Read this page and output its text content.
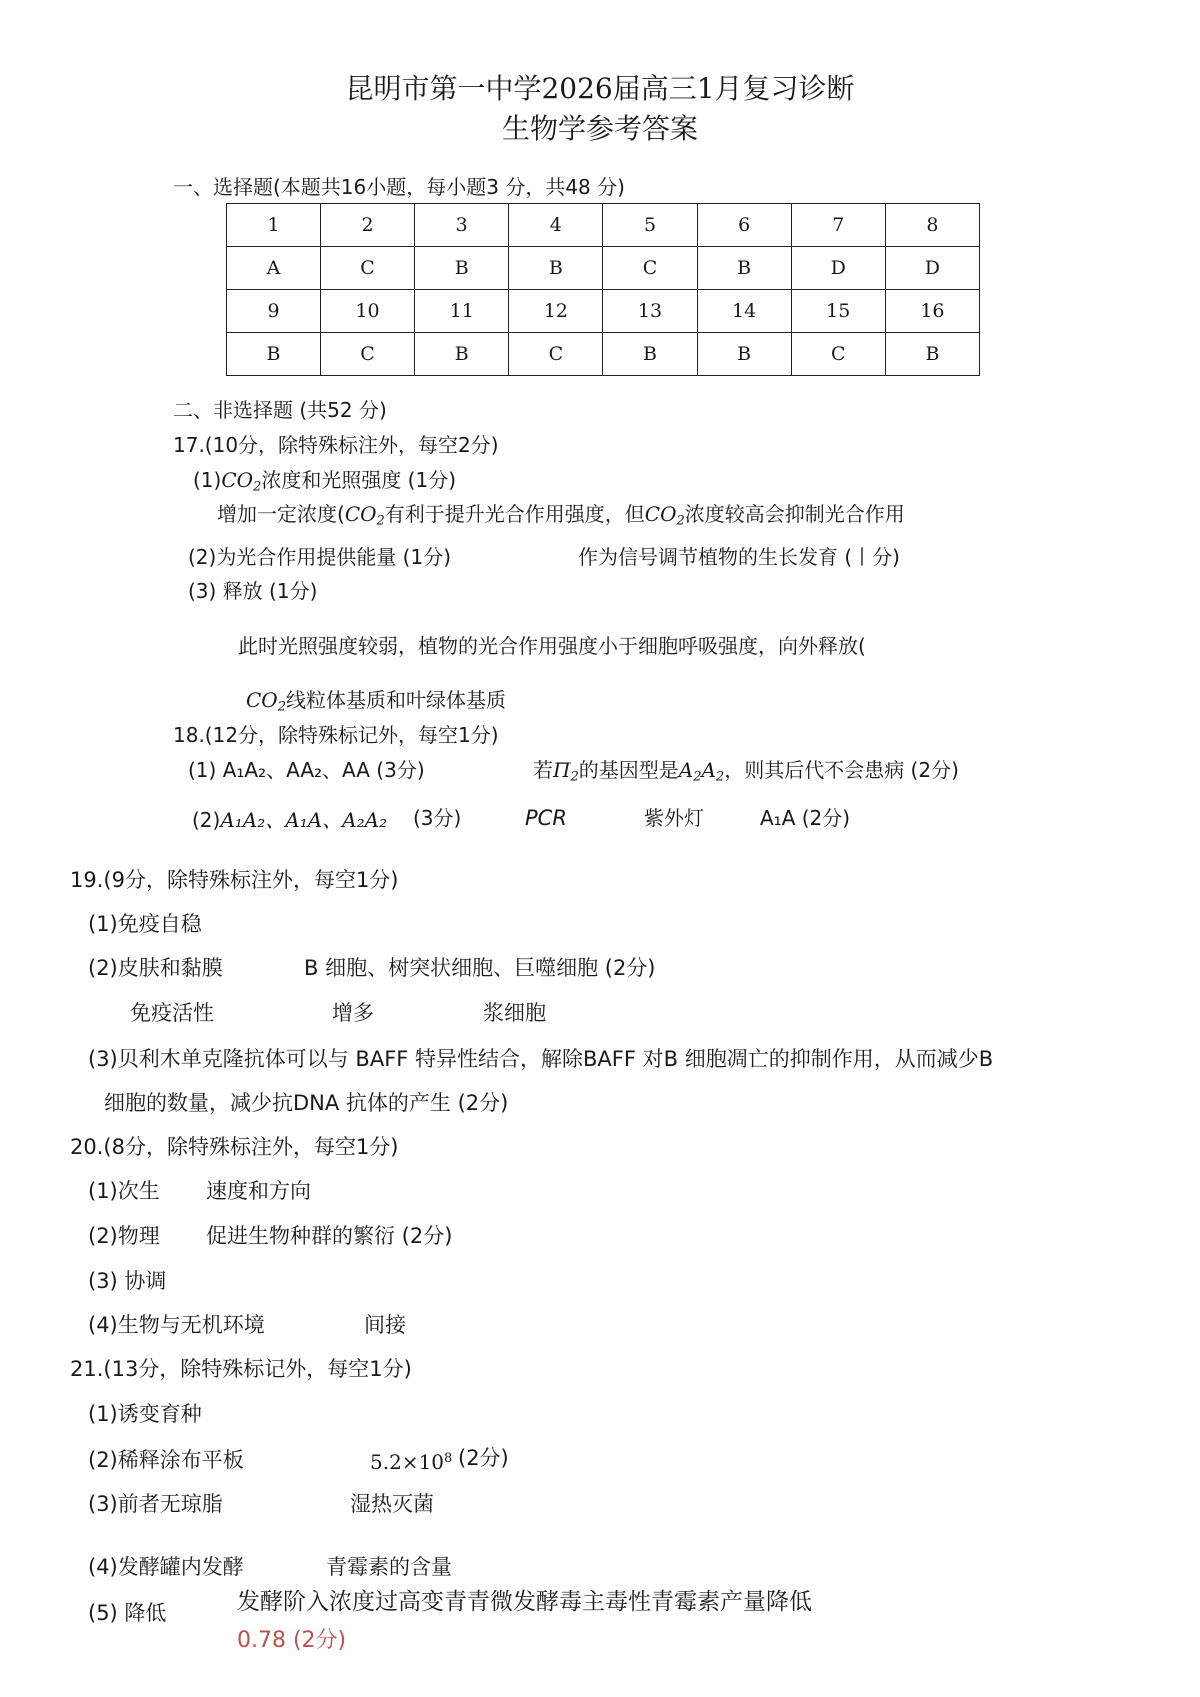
昆明市第一中学2026届高三1月复习诊断
生物学参考答案
一、选择题(本题共16小题，每小题3 分，共48 分)
1	2	3	4	5	6	7	8
A	C	B	B	C	B	D	D
9	10	11	12	13	14	15	16
B	C	B	C	B	B	C	B
二、非选择题 (共52 分)
17.(10分，除特殊标注外，每空2分)
$(1)CO_2$浓度和光照强度 (1分)
增加一定浓度($CO_2$有利于提升光合作用强度，但$CO_2$浓度较高会抑制光合作用
(2)为光合作用提供能量 (1分)	作为信号调节植物的生长发育 (丨分)
(3) 释放 (1分)
此时光照强度较弱，植物的光合作用强度小于细胞呼吸强度，向外释放(
$CO_2$线粒体基质和叶绿体基质
18.(12分，除特殊标记外，每空1分)
(1) A₁A₂、AA₂、AA (3分)	若$\Pi_2$的基因型是$A_2A_2$，则其后代不会患病 (2分)
(2)A₁A₂、A₁A、A₂A₂ (3分)	PCR	紫外灯	A₁A (2分)
19.(9分，除特殊标注外，每空1分)
(1)免疫自稳
(2)皮肤和黏膜	B 细胞、树突状细胞、巨噬细胞 (2分)
免疫活性	增多	浆细胞
(3)贝利木单克隆抗体可以与 BAFF 特异性结合，解除BAFF 对B 细胞凋亡的抑制作用，从而减少B
细胞的数量，减少抗DNA 抗体的产生 (2分)
20.(8分，除特殊标注外，每空1分)
(1)次生 速度和方向
(2)物理 促进生物种群的繁衍 (2分)
(3) 协调
(4)生物与无机环境	间接
21.(13分，除特殊标记外，每空1分)
(1)诱变育种
(2)稀释涂布平板	$5.2\times 10^8$ (2分)
(3)前者无琼脂	湿热灭菌
(4)发酵罐内发酵	青霉素的含量
(5) 降低	发酵阶入浓度过高变青青微发酵毒主毒性青霉素产量降低
0.78 (2分)
